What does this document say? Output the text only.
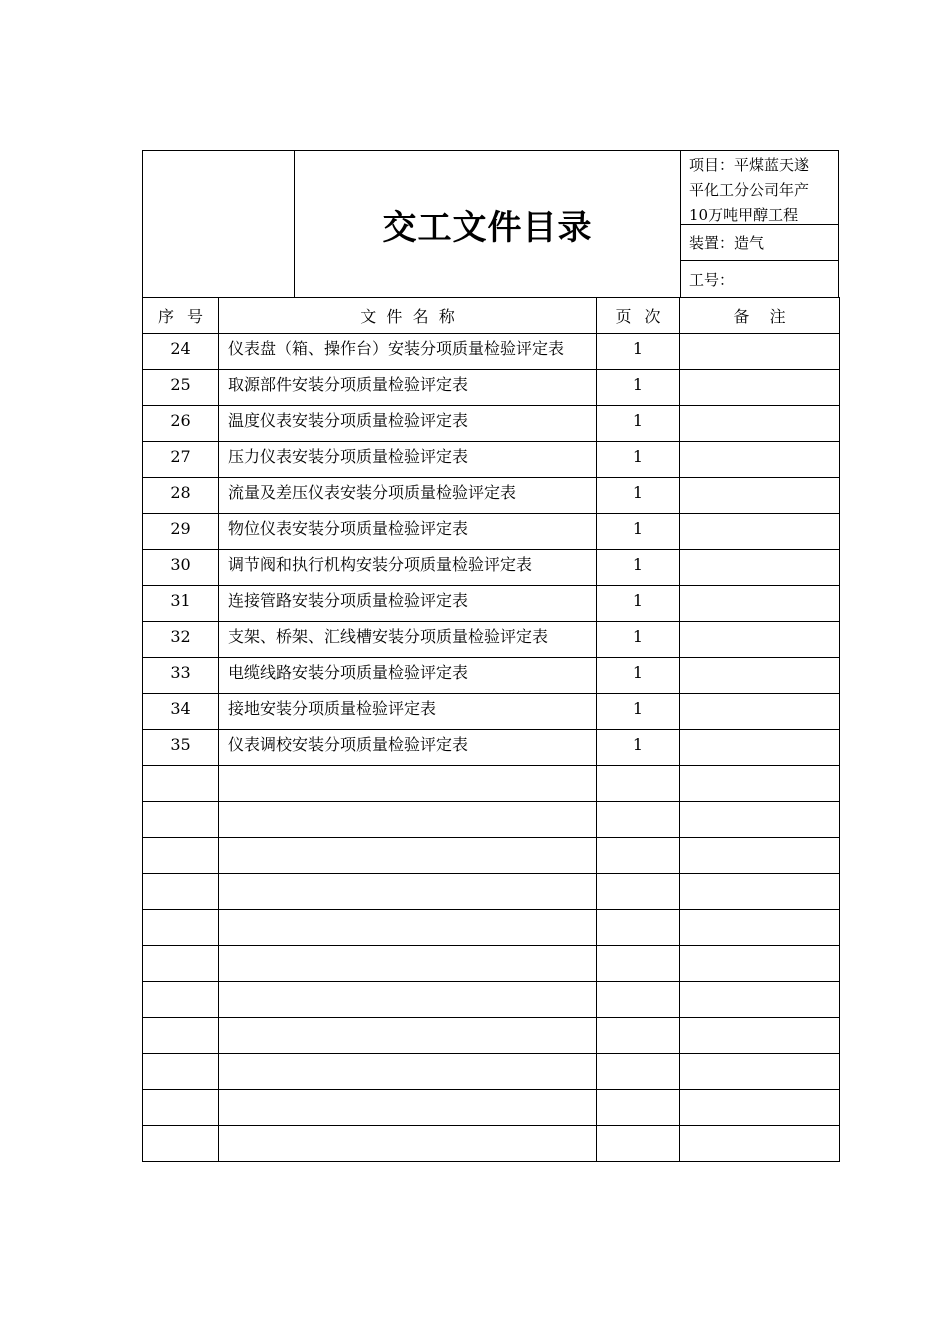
交工文件目录
项目：平煤蓝天遂
平化工分公司年产
10万吨甲醇工程
装置：造气
工号：
序 号	文  件  名  称	页 次	备    注
24	仪表盘（箱、操作台）安装分项质量检验评定表	1	
25	取源部件安装分项质量检验评定表	1	
26	温度仪表安装分项质量检验评定表	1	
27	压力仪表安装分项质量检验评定表	1	
28	流量及差压仪表安装分项质量检验评定表	1	
29	物位仪表安装分项质量检验评定表	1	
30	调节阀和执行机构安装分项质量检验评定表	1	
31	连接管路安装分项质量检验评定表	1	
32	支架、桥架、汇线槽安装分项质量检验评定表	1	
33	电缆线路安装分项质量检验评定表	1	
34	接地安装分项质量检验评定表	1	
35	仪表调校安装分项质量检验评定表	1	
